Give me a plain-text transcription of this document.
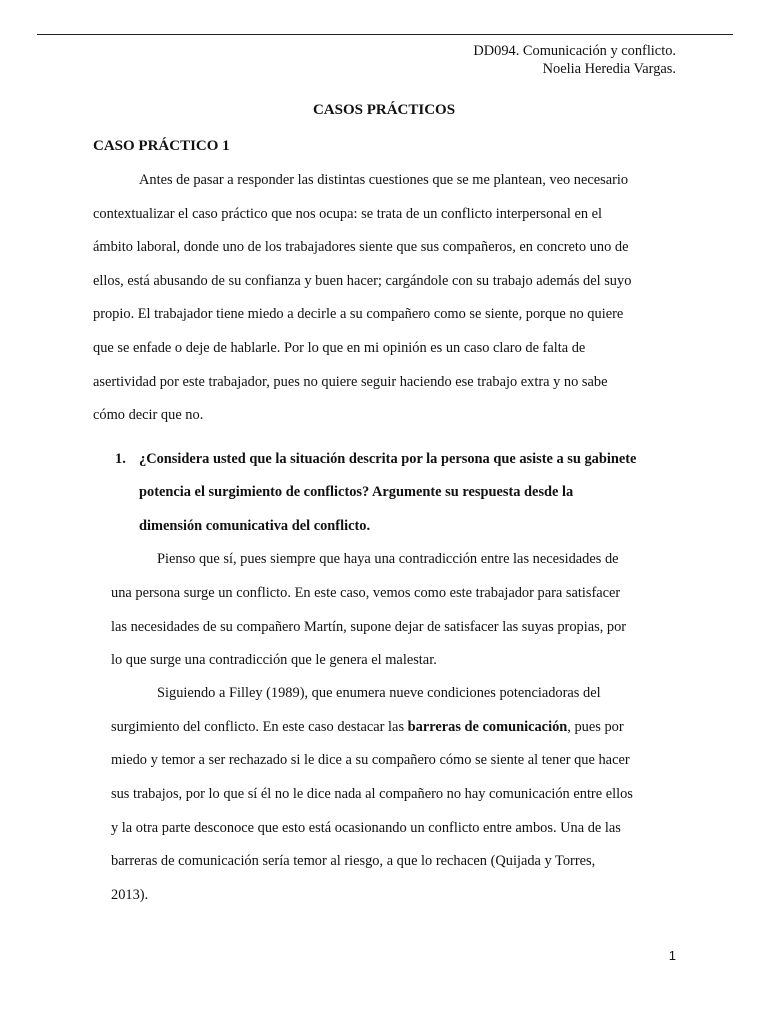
DD094. Comunicación y conflicto.
Noelia Heredia Vargas.
CASOS PRÁCTICOS
CASO PRÁCTICO 1
Antes de pasar a responder las distintas cuestiones que se me plantean, veo necesario
contextualizar el caso práctico que nos ocupa: se trata de un conflicto interpersonal en el
ámbito laboral, donde uno de los trabajadores siente que sus compañeros, en concreto uno de
ellos, está abusando de su confianza y buen hacer; cargándole con su trabajo además del suyo
propio. El trabajador tiene miedo a decirle a su compañero como se siente, porque no quiere
que se enfade o deje de hablarle. Por lo que en mi opinión es un caso claro de falta de
asertividad por este trabajador, pues no quiere seguir haciendo ese trabajo extra y no sabe
cómo decir que no.
1. ¿Considera usted que la situación descrita por la persona que asiste a su gabinete
potencia el surgimiento de conflictos? Argumente su respuesta desde la
dimensión comunicativa del conflicto.
Pienso que sí, pues siempre que haya una contradicción entre las necesidades de
una persona surge un conflicto. En este caso, vemos como este trabajador para satisfacer
las necesidades de su compañero Martín, supone dejar de satisfacer las suyas propias, por
lo que surge una contradicción que le genera el malestar.
Siguiendo a Filley (1989), que enumera nueve condiciones potenciadoras del
surgimiento del conflicto. En este caso destacar las barreras de comunicación, pues por
miedo y temor a ser rechazado si le dice a su compañero cómo se siente al tener que hacer
sus trabajos, por lo que sí él no le dice nada al compañero no hay comunicación entre ellos
y la otra parte desconoce que esto está ocasionando un conflicto entre ambos. Una de las
barreras de comunicación sería temor al riesgo, a que lo rechacen (Quijada y Torres,
2013).
1
